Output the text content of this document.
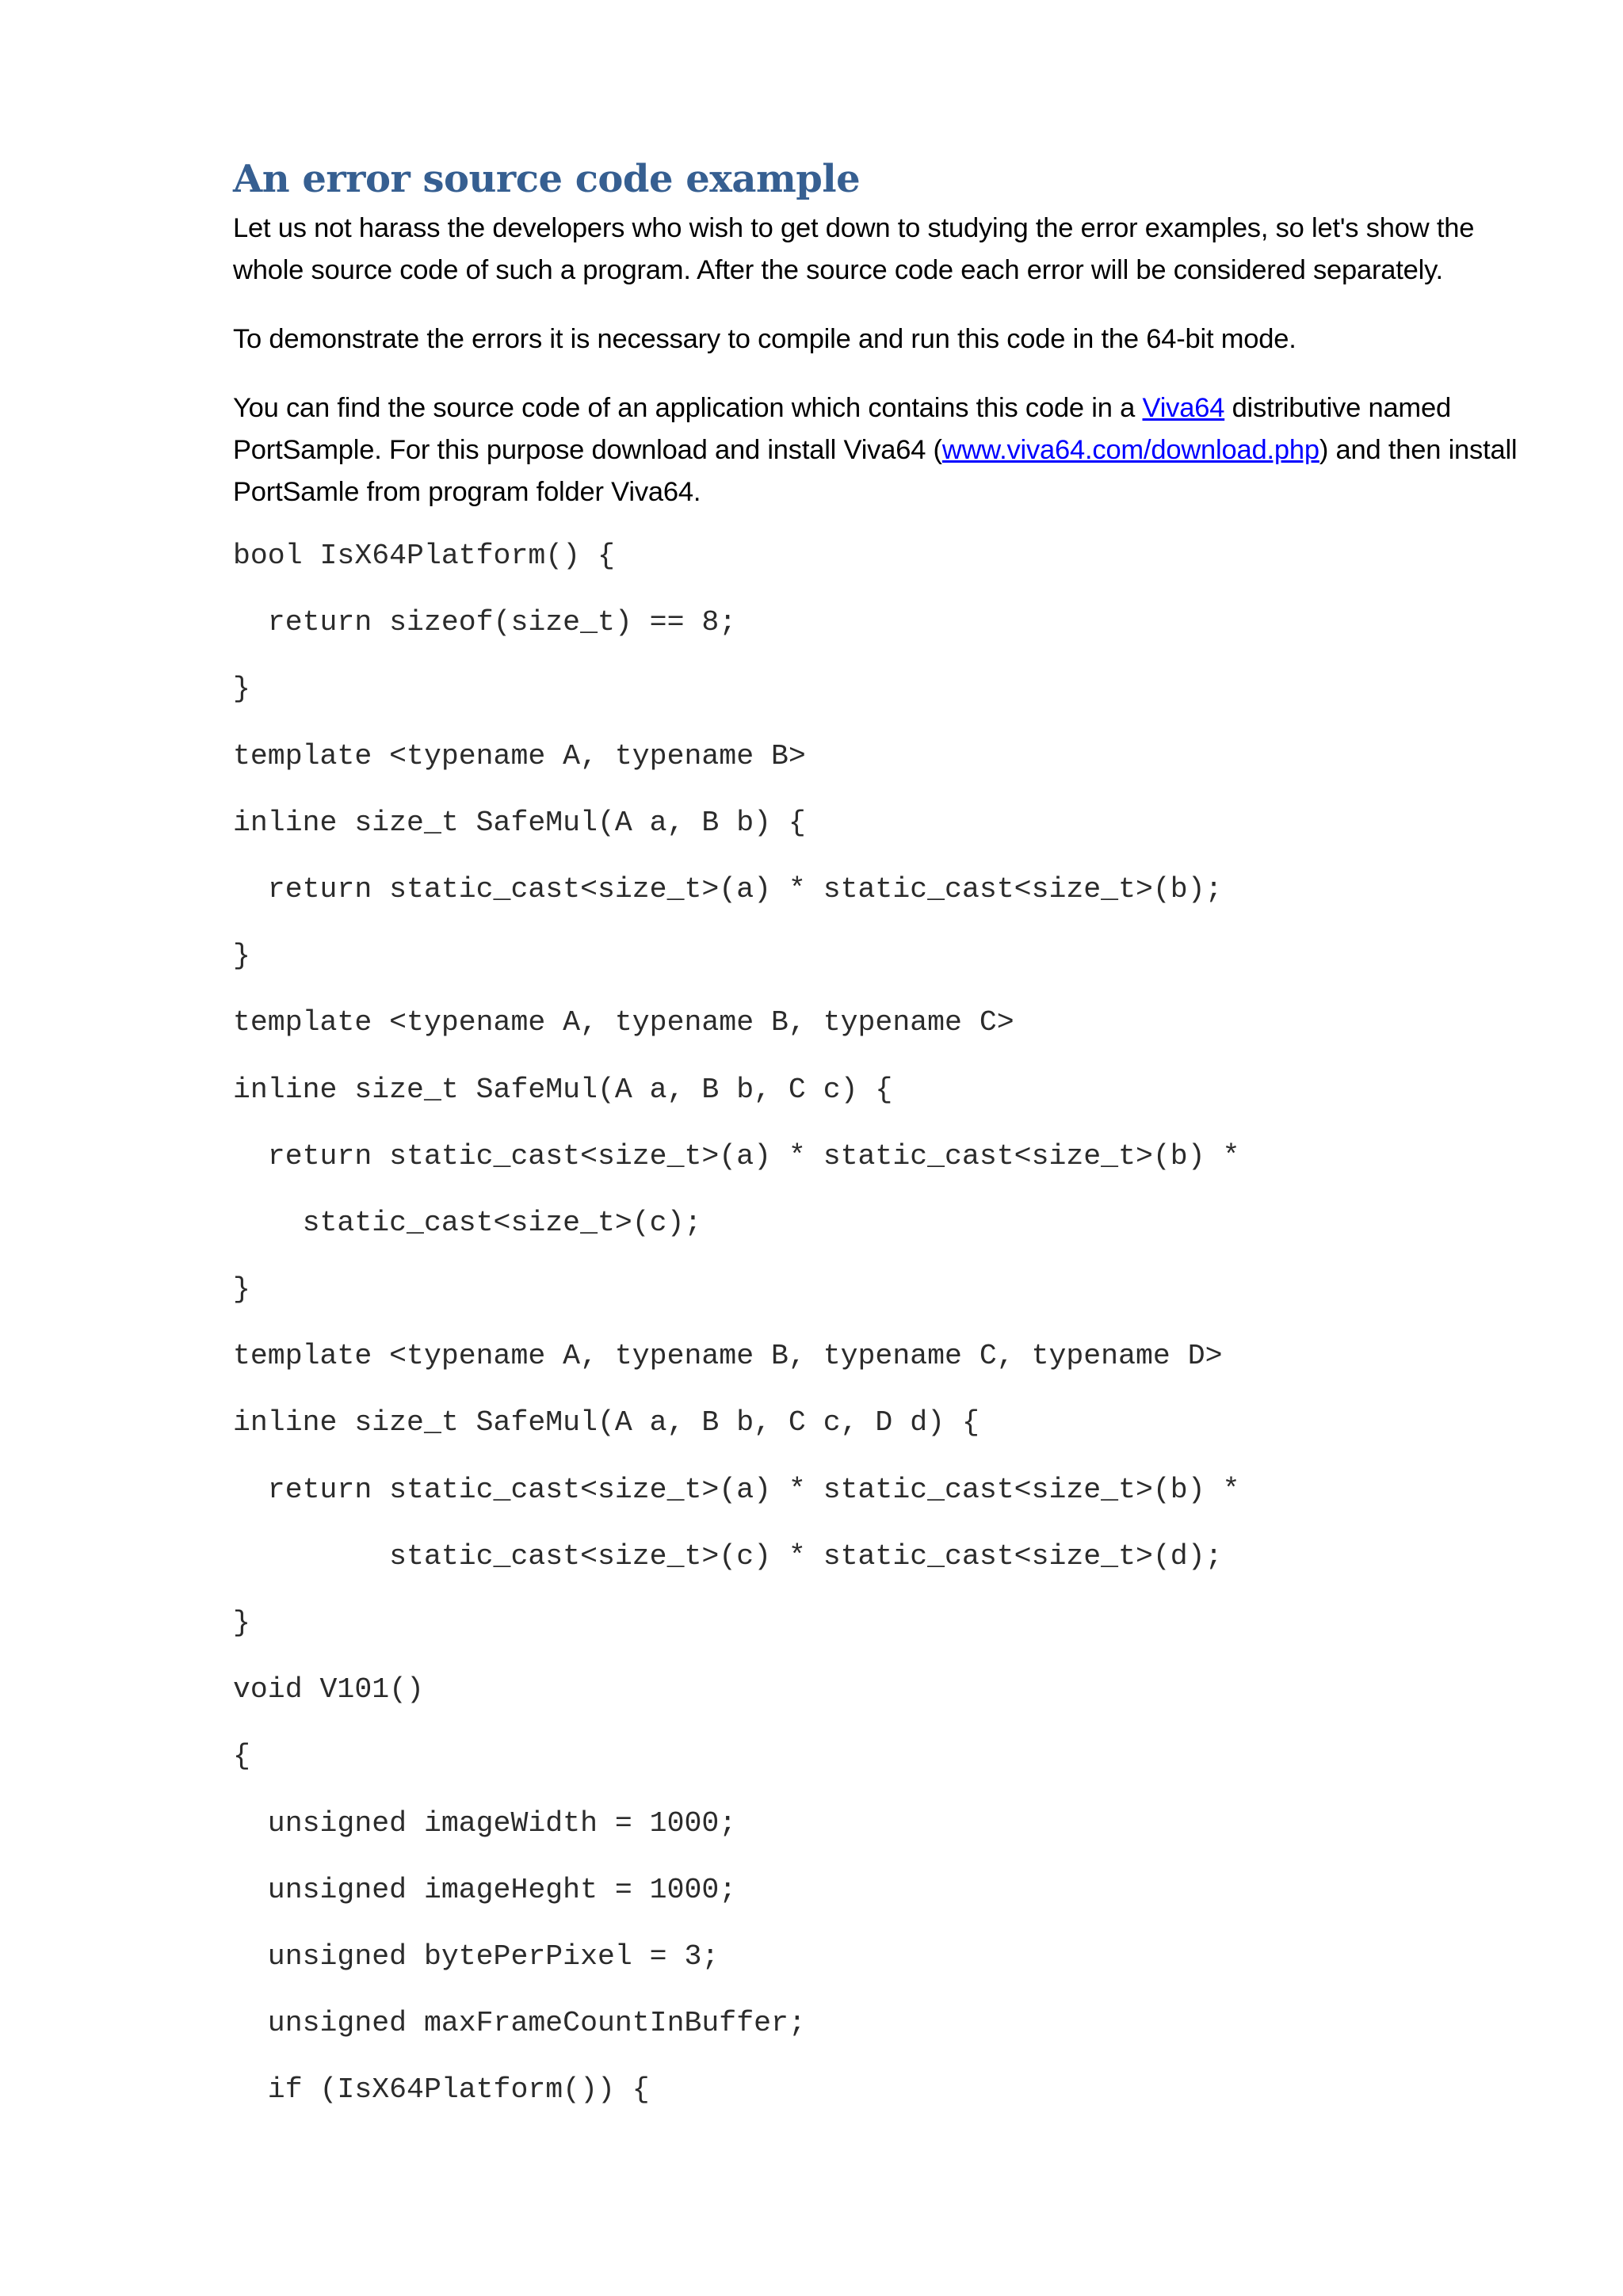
An error source code example

Let us not harass the developers who wish to get down to studying the error examples, so let's show the whole source code of such a program. After the source code each error will be considered separately.

To demonstrate the errors it is necessary to compile and run this code in the 64-bit mode.

You can find the source code of an application which contains this code in a Viva64 distributive named PortSample. For this purpose download and install Viva64 (www.viva64.com/download.php) and then install PortSamle from program folder Viva64.

bool IsX64Platform() {
return sizeof(size_t) == 8;
}
template <typename A, typename B>
inline size_t SafeMul(A a, B b) {
return static_cast<size_t>(a) * static_cast<size_t>(b);
}
template <typename A, typename B, typename C>
inline size_t SafeMul(A a, B b, C c) {
return static_cast<size_t>(a) * static_cast<size_t>(b) *
static_cast<size_t>(c);
}
template <typename A, typename B, typename C, typename D>
inline size_t SafeMul(A a, B b, C c, D d) {
return static_cast<size_t>(a) * static_cast<size_t>(b) *
static_cast<size_t>(c) * static_cast<size_t>(d);
}
void V101()
{
unsigned imageWidth = 1000;
unsigned imageHeght = 1000;
unsigned bytePerPixel = 3;
unsigned maxFrameCountInBuffer;
if (IsX64Platform()) {
